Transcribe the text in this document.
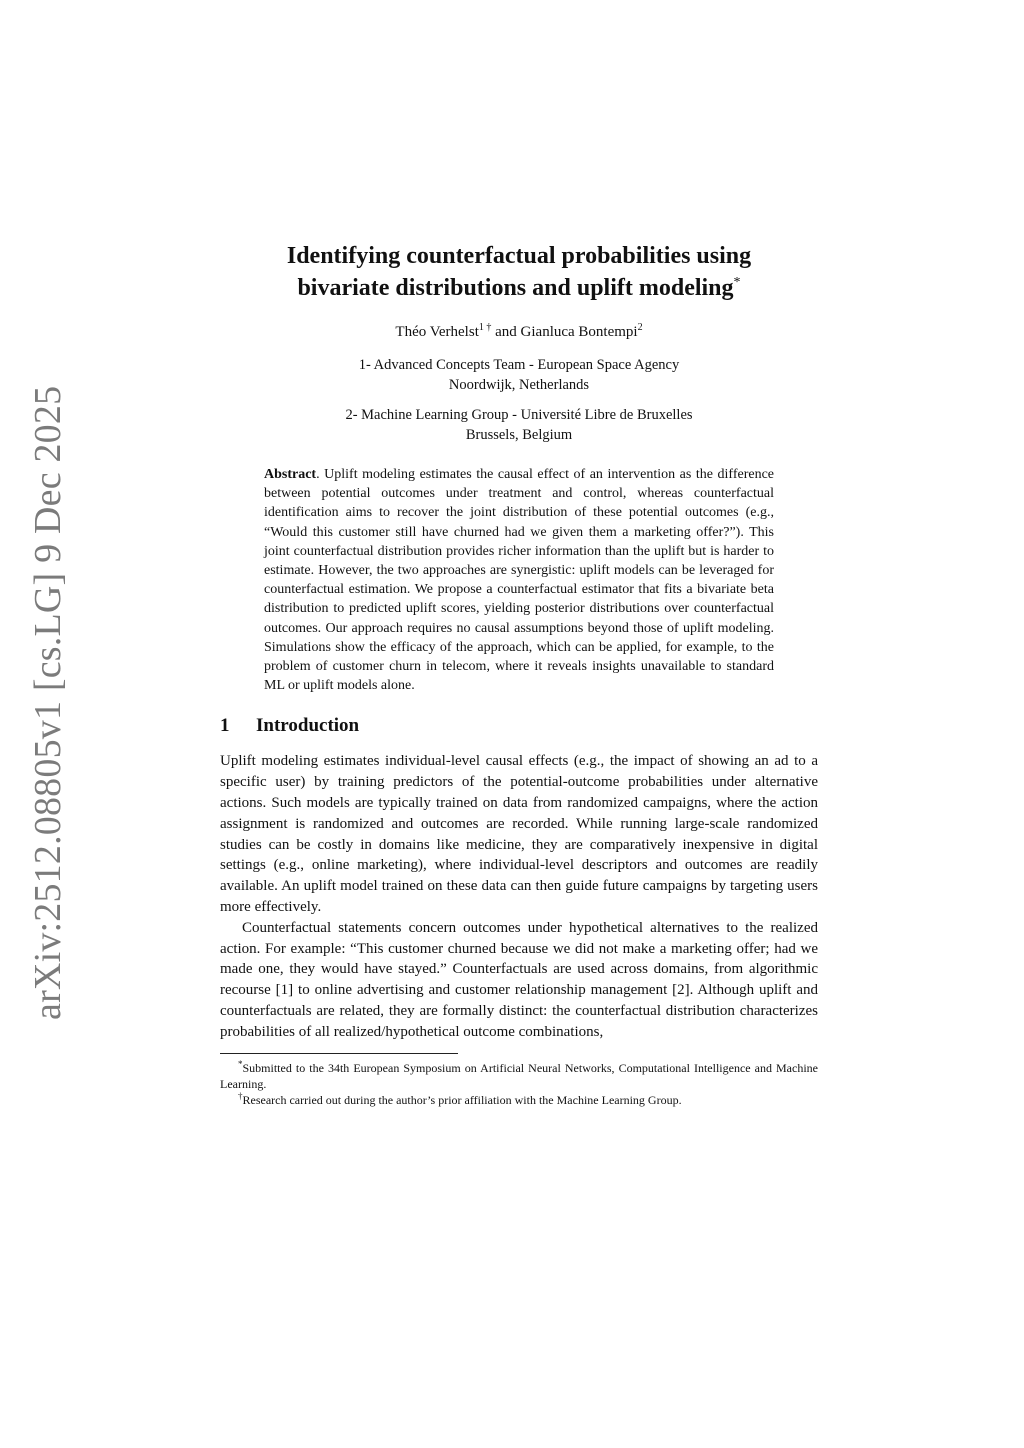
arXiv:2512.08805v1 [cs.LG] 9 Dec 2025
Identifying counterfactual probabilities using
bivariate distributions and uplift modeling*
Théo Verhelst$^{1 \dagger}$ and Gianluca Bontempi$^2$
1- Advanced Concepts Team - European Space Agency
Noordwijk, Netherlands
2- Machine Learning Group - Université Libre de Bruxelles
Brussels, Belgium
Abstract. Uplift modeling estimates the causal effect of an intervention as the difference between potential outcomes under treatment and control, whereas counterfactual identification aims to recover the joint distribution of these potential outcomes (e.g., “Would this customer still have churned had we given them a marketing offer?”). This joint counterfactual distribution provides richer information than the uplift but is harder to estimate. However, the two approaches are synergistic: uplift models can be leveraged for counterfactual estimation. We propose a counterfactual estimator that fits a bivariate beta distribution to predicted uplift scores, yielding posterior distributions over counterfactual outcomes. Our approach requires no causal assumptions beyond those of uplift modeling. Simulations show the efficacy of the approach, which can be applied, for example, to the problem of customer churn in telecom, where it reveals insights unavailable to standard ML or uplift models alone.
1 Introduction

Uplift modeling estimates individual-level causal effects (e.g., the impact of showing an ad to a specific user) by training predictors of the potential-outcome probabilities under alternative actions. Such models are typically trained on data from randomized campaigns, where the action assignment is randomized and outcomes are recorded. While running large-scale randomized studies can be costly in domains like medicine, they are comparatively inexpensive in digital settings (e.g., online marketing), where individual-level descriptors and outcomes are readily available. An uplift model trained on these data can then guide future campaigns by targeting users more effectively.

Counterfactual statements concern outcomes under hypothetical alternatives to the realized action. For example: “This customer churned because we did not make a marketing offer; had we made one, they would have stayed.” Counterfactuals are used across domains, from algorithmic recourse [1] to online advertising and customer relationship management [2]. Although uplift and counterfactuals are related, they are formally distinct: the counterfactual distribution characterizes probabilities of all realized/hypothetical outcome combinations,

*Submitted to the 34th European Symposium on Artificial Neural Networks, Computational Intelligence and Machine Learning.

†Research carried out during the author’s prior affiliation with the Machine Learning Group.
